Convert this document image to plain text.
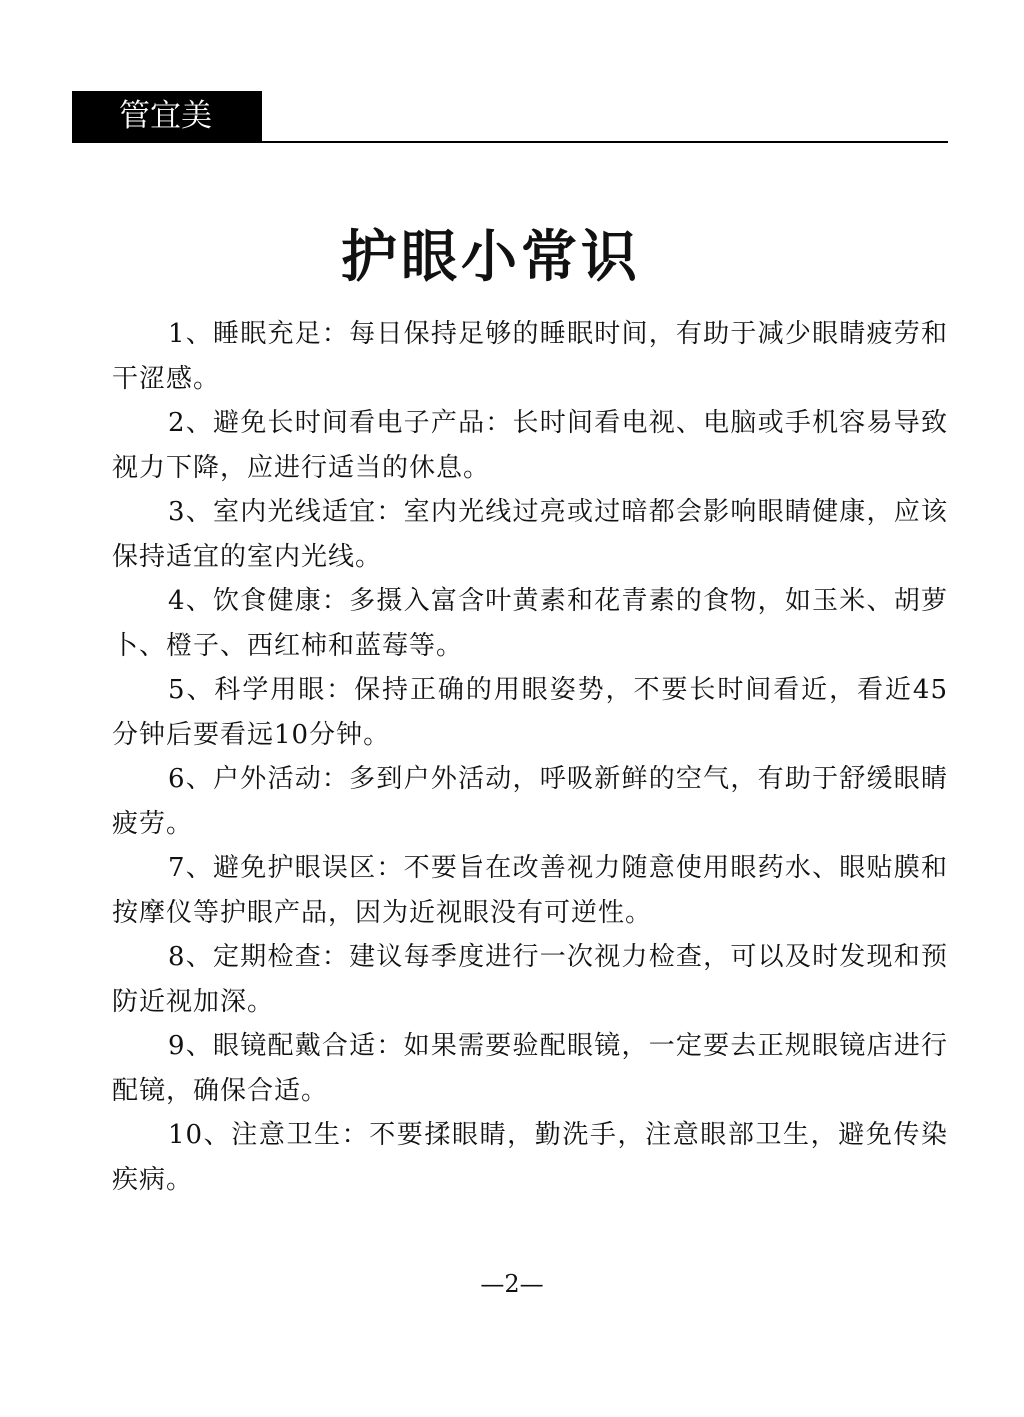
管宜美
护眼小常识

1、睡眠充足：每日保持足够的睡眠时间，有助于减少眼睛疲劳和干涩感。

2、避免长时间看电子产品：长时间看电视、电脑或手机容易导致视力下降，应进行适当的休息。

3、室内光线适宜：室内光线过亮或过暗都会影响眼睛健康，应该保持适宜的室内光线。

4、饮食健康：多摄入富含叶黄素和花青素的食物，如玉米、胡萝卜、橙子、西红柿和蓝莓等。

5、科学用眼：保持正确的用眼姿势，不要长时间看近，看近45分钟后要看远10分钟。

6、户外活动：多到户外活动，呼吸新鲜的空气，有助于舒缓眼睛疲劳。

7、避免护眼误区：不要旨在改善视力随意使用眼药水、眼贴膜和按摩仪等护眼产品，因为近视眼没有可逆性。

8、定期检查：建议每季度进行一次视力检查，可以及时发现和预防近视加深。

9、眼镜配戴合适：如果需要验配眼镜，一定要去正规眼镜店进行配镜，确保合适。

10、注意卫生：不要揉眼睛，勤洗手，注意眼部卫生，避免传染疾病。

—2—
